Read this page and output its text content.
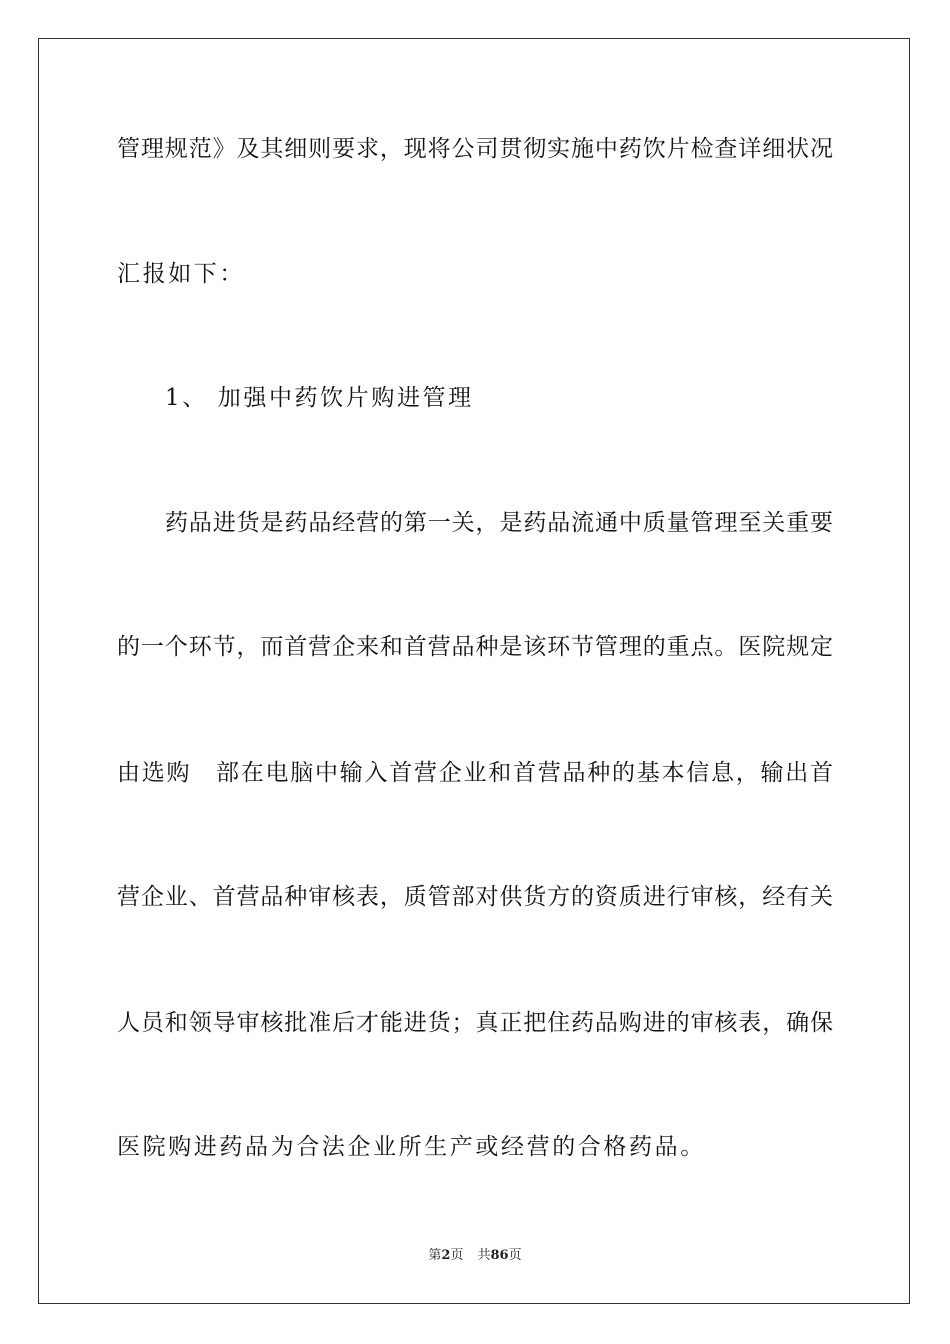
管理规范》及其细则要求，现将公司贯彻实施中药饮片检查详细状况
汇报如下：
1、 加强中药饮片购进管理
药品进货是药品经营的第一关，是药品流通中质量管理至关重要
的一个环节，而首营企来和首营品种是该环节管理的重点。医院规定
由选购　部在电脑中输入首营企业和首营品种的基本信息，输出首
营企业、首营品种审核表，质管部对供货方的资质进行审核，经有关
人员和领导审核批准后才能进货；真正把住药品购进的审核表，确保
医院购进药品为合法企业所生产或经营的合格药品。
第2页 共86页
